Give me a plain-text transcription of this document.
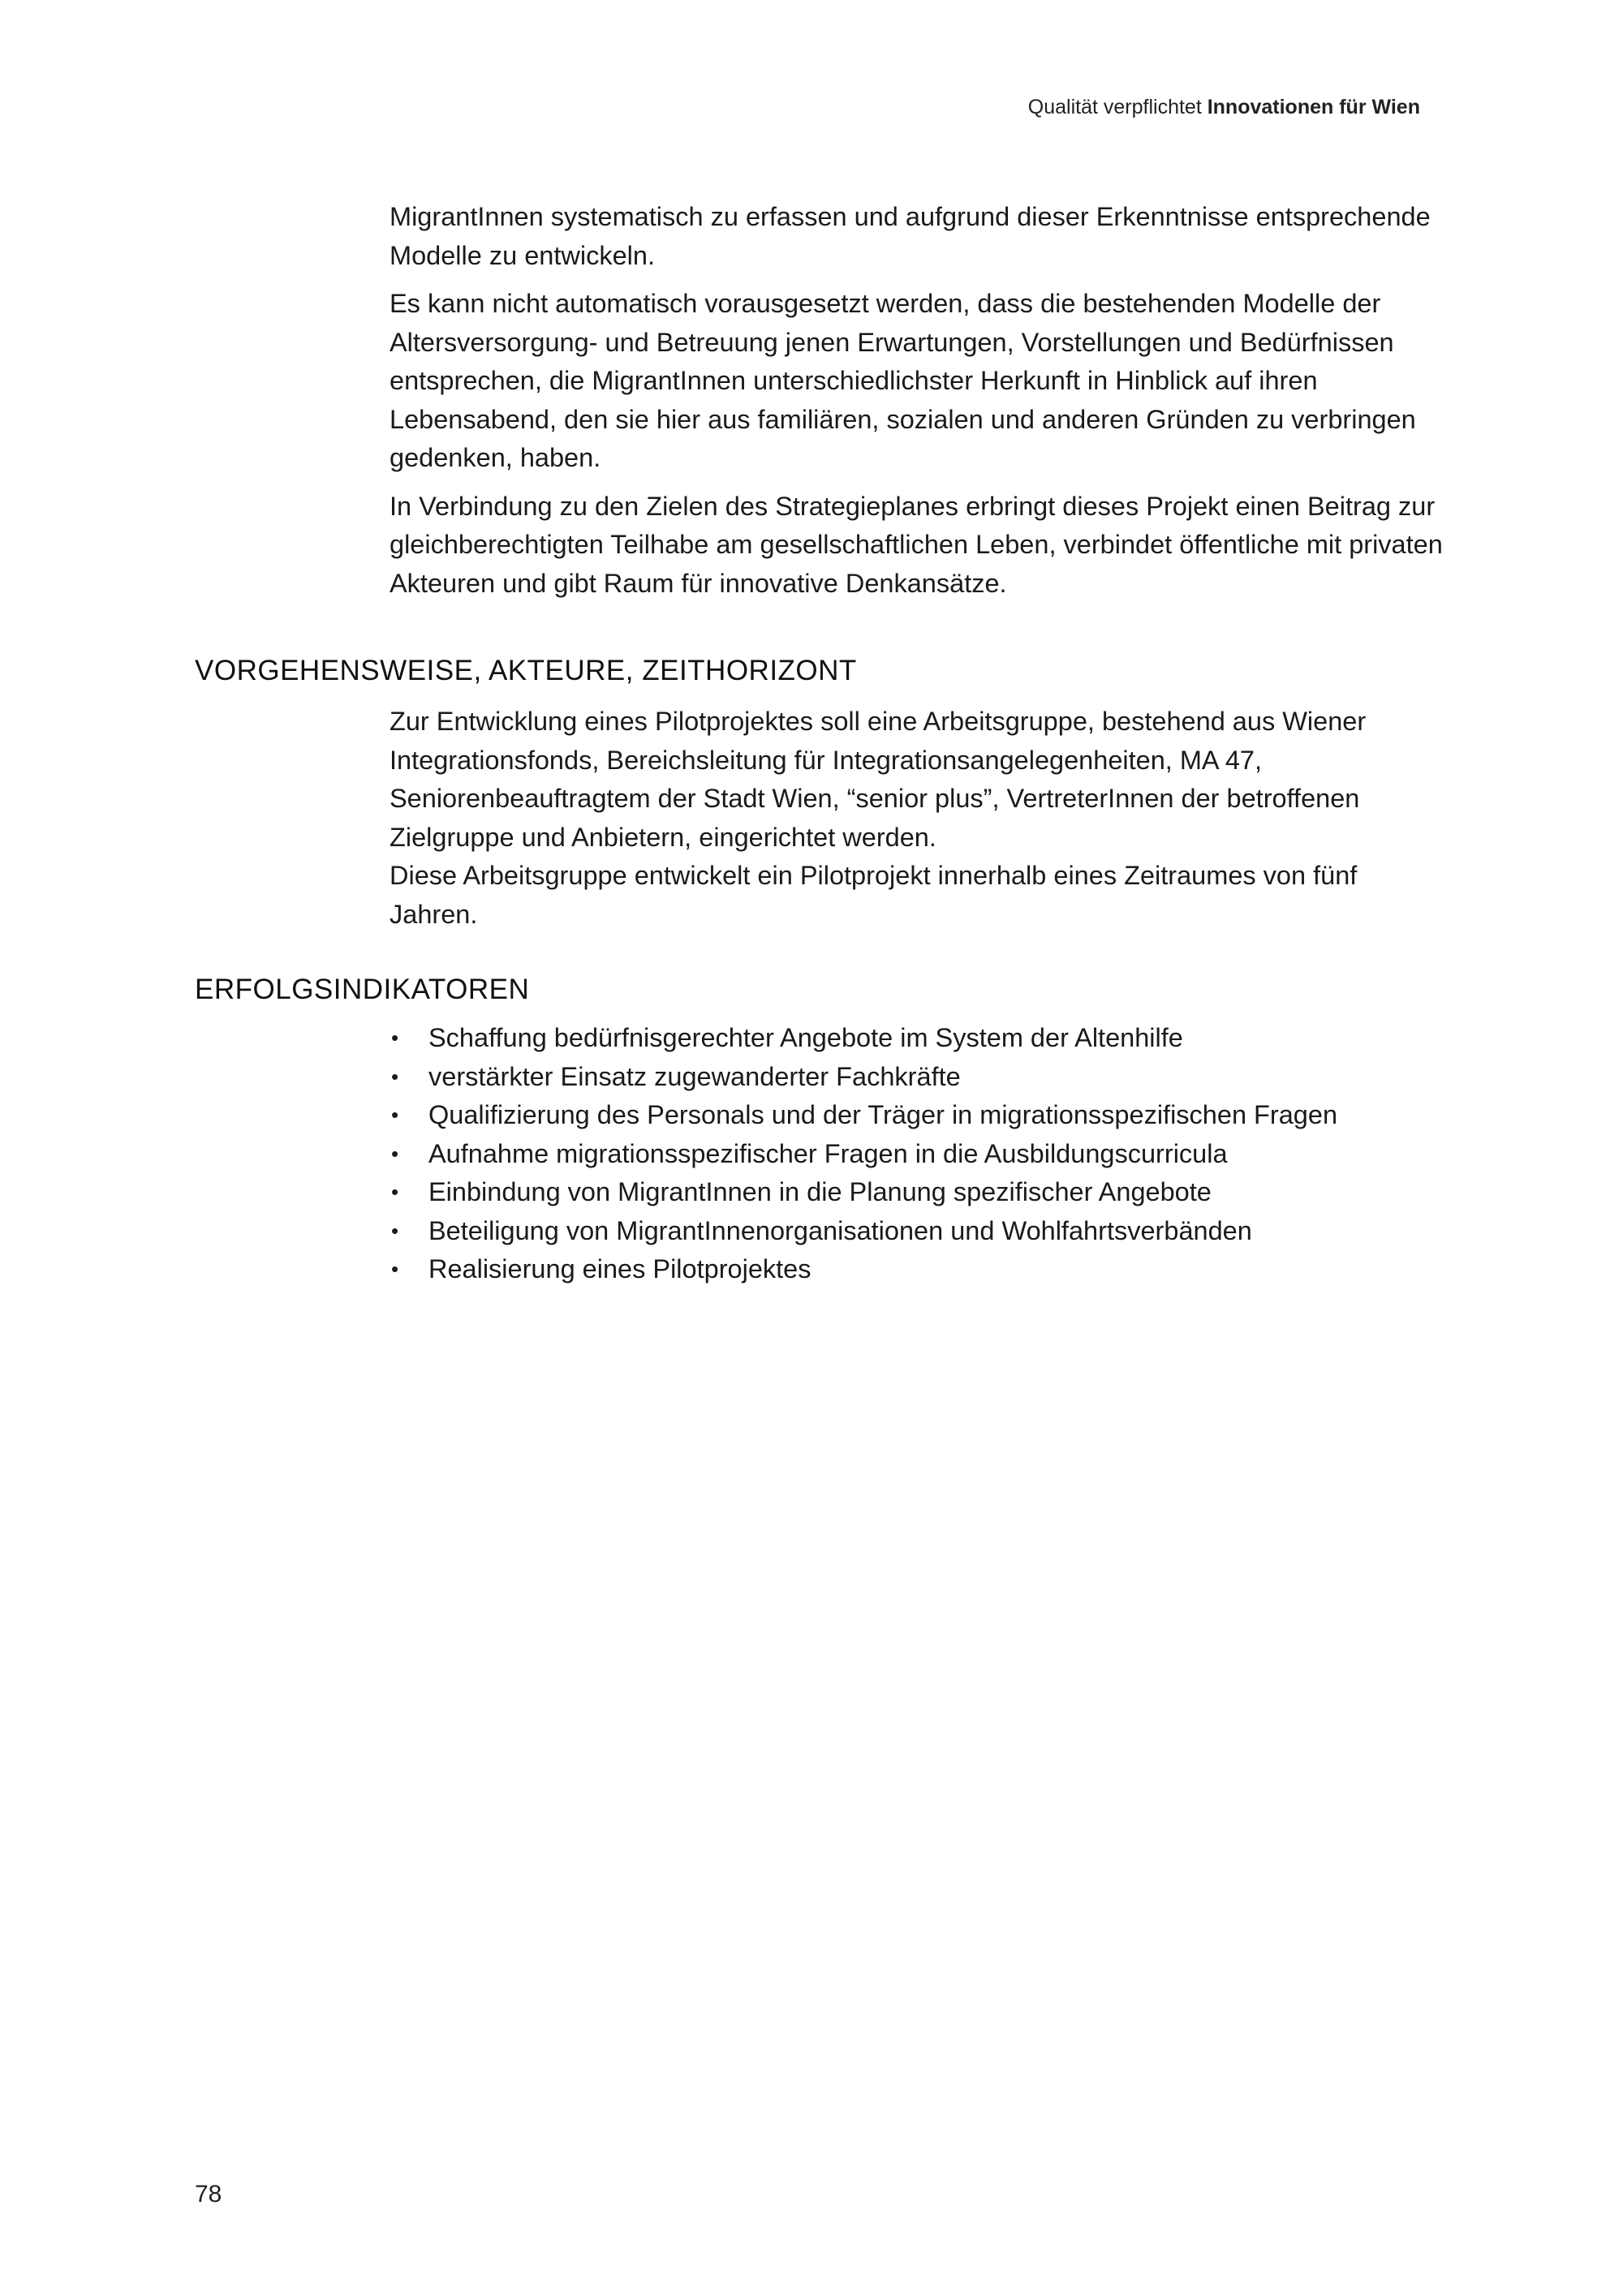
Qualität verpflichtet Innovationen für Wien

MigrantInnen systematisch zu erfassen und aufgrund dieser Erkenntnisse entsprechende Modelle zu entwickeln.

Es kann nicht automatisch vorausgesetzt werden, dass die bestehenden Modelle der Altersversorgung- und Betreuung jenen Erwartungen, Vorstellungen und Bedürfnissen entsprechen, die MigrantInnen unterschiedlichster Herkunft in Hinblick auf ihren Lebensabend, den sie hier aus familiären, sozialen und anderen Gründen zu verbringen gedenken, haben.

In Verbindung zu den Zielen des Strategieplanes erbringt dieses Projekt einen Beitrag zur gleichberechtigten Teilhabe am gesellschaftlichen Leben, verbindet öffentliche mit privaten Akteuren und gibt Raum für innovative Denkansätze.

VORGEHENSWEISE, AKTEURE, ZEITHORIZONT

Zur Entwicklung eines Pilotprojektes soll eine Arbeitsgruppe, bestehend aus Wiener Integrationsfonds, Bereichsleitung für Integrationsangelegenheiten, MA 47, Seniorenbeauftragtem der Stadt Wien, “senior plus”, VertreterInnen der betroffenen Zielgruppe und Anbietern, eingerichtet werden.

Diese Arbeitsgruppe entwickelt ein Pilotprojekt innerhalb eines Zeitraumes von fünf Jahren.

ERFOLGSINDIKATOREN
• Schaffung bedürfnisgerechter Angebote im System der Altenhilfe
• verstärkter Einsatz zugewanderter Fachkräfte
• Qualifizierung des Personals und der Träger in migrationsspezifischen Fragen
• Aufnahme migrationsspezifischer Fragen in die Ausbildungscurricula
• Einbindung von MigrantInnen in die Planung spezifischer Angebote
• Beteiligung von MigrantInnenorganisationen und Wohlfahrtsverbänden
• Realisierung eines Pilotprojektes
78
